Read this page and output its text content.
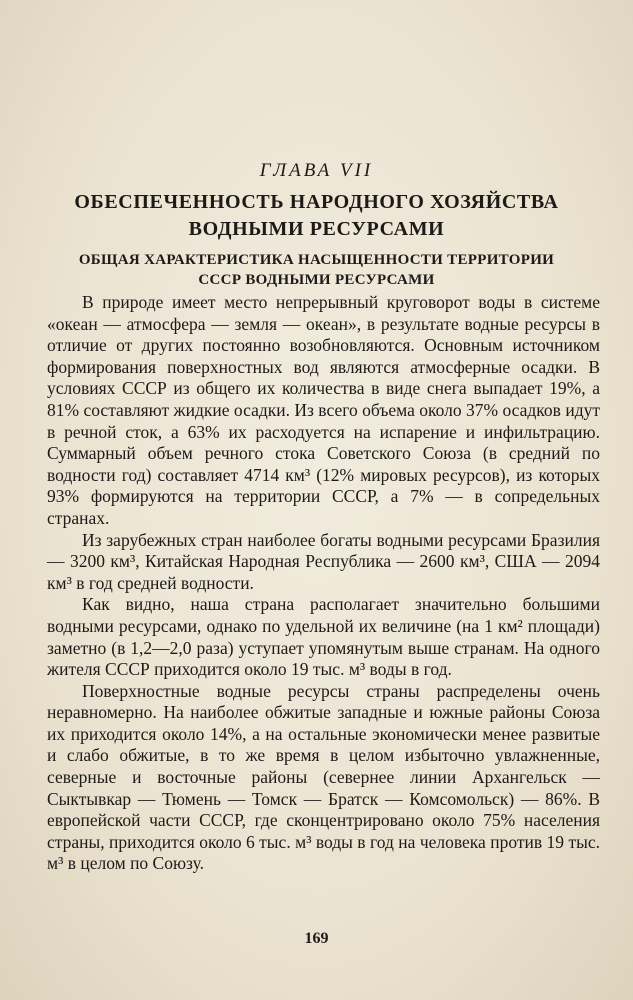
ГЛАВА VII
ОБЕСПЕЧЕННОСТЬ НАРОДНОГО ХОЗЯЙСТВА
ВОДНЫМИ РЕСУРСАМИ
ОБЩАЯ ХАРАКТЕРИСТИКА НАСЫЩЕННОСТИ ТЕРРИТОРИИ
СССР ВОДНЫМИ РЕСУРСАМИ

В природе имеет место непрерывный круговорот воды в системе «океан — атмосфера — земля — океан», в результате водные ресурсы в отличие от других постоянно возобновляются. Основным источником формирования поверхностных вод являются атмосферные осадки. В условиях СССР из общего их количества в виде снега выпадает 19%, а 81% составляют жидкие осадки. Из всего объема около 37% осадков идут в речной сток, а 63% их расходуется на испарение и инфильтрацию. Суммарный объем речного стока Советского Союза (в средний по водности год) составляет 4714 км³ (12% мировых ресурсов), из которых 93% формируются на территории СССР, а 7% — в сопредельных странах.

Из зарубежных стран наиболее богаты водными ресурсами Бразилия — 3200 км³, Китайская Народная Республика — 2600 км³, США — 2094 км³ в год средней водности.

Как видно, наша страна располагает значительно большими водными ресурсами, однако по удельной их величине (на 1 км² площади) заметно (в 1,2—2,0 раза) уступает упомянутым выше странам. На одного жителя СССР приходится около 19 тыс. м³ воды в год.

Поверхностные водные ресурсы страны распределены очень неравномерно. На наиболее обжитые западные и южные районы Союза их приходится около 14%, а на остальные экономически менее развитые и слабо обжитые, в то же время в целом избыточно увлажненные, северные и восточные районы (севернее линии Архангельск — Сыктывкар — Тюмень — Томск — Братск — Комсомольск) — 86%. В европейской части СССР, где сконцентрировано около 75% населения страны, приходится около 6 тыс. м³ воды в год на человека против 19 тыс. м³ в целом по Союзу.

169
